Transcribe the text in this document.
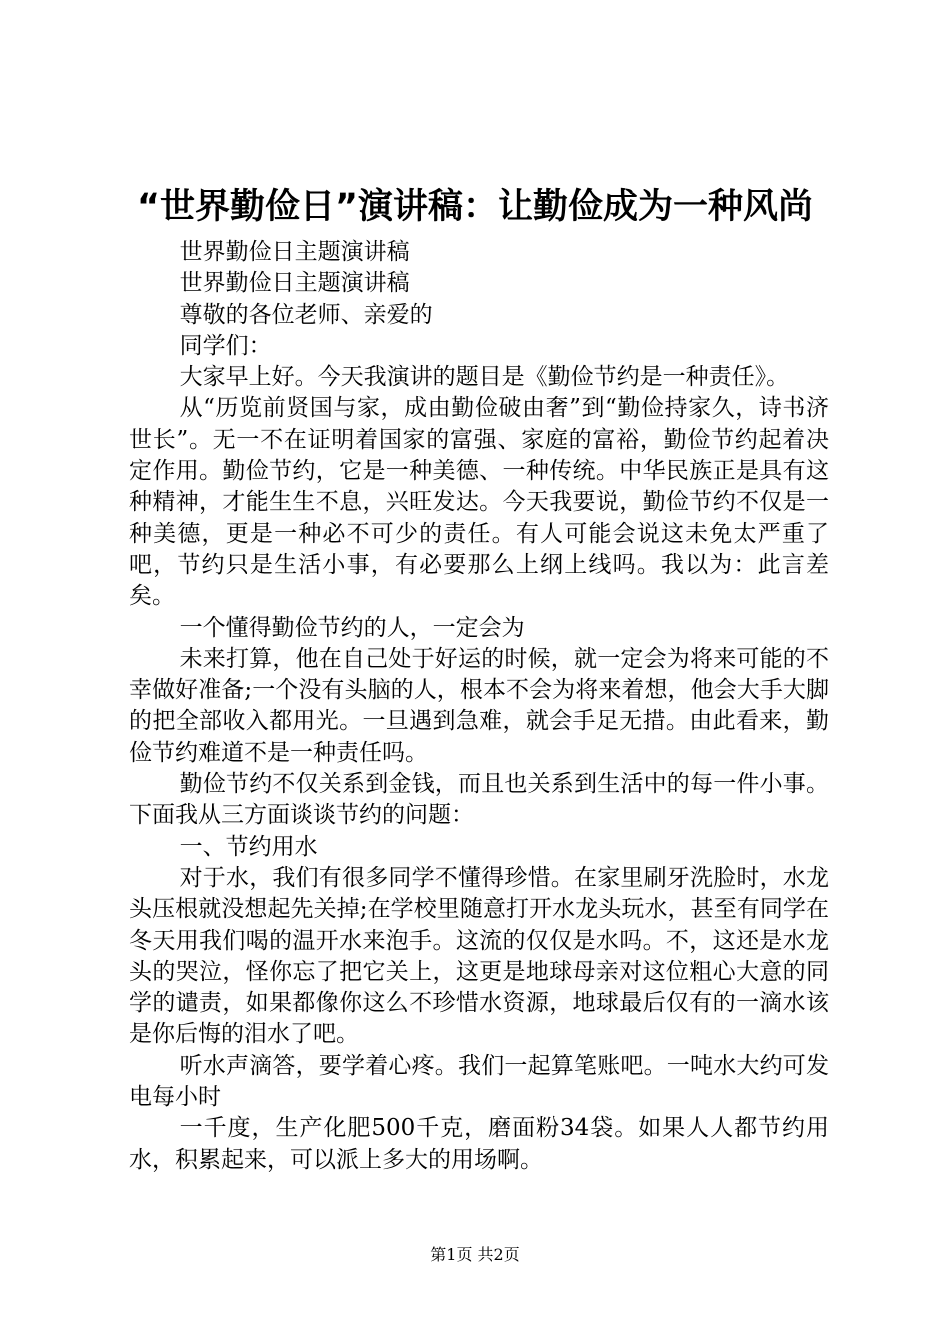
“世界勤俭日”演讲稿：让勤俭成为一种风尚

世界勤俭日主题演讲稿

世界勤俭日主题演讲稿

尊敬的各位老师、亲爱的

同学们：

大家早上好。今天我演讲的题目是《勤俭节约是一种责任》。

从“历览前贤国与家，成由勤俭破由奢”到“勤俭持家久，诗书济世长”。无一不在证明着国家的富强、家庭的富裕，勤俭节约起着决定作用。勤俭节约，它是一种美德、一种传统。中华民族正是具有这种精神，才能生生不息，兴旺发达。今天我要说，勤俭节约不仅是一种美德，更是一种必不可少的责任。有人可能会说这未免太严重了吧，节约只是生活小事，有必要那么上纲上线吗。我以为：此言差矣。

一个懂得勤俭节约的人，一定会为

未来打算，他在自己处于好运的时候，就一定会为将来可能的不幸做好准备;一个没有头脑的人，根本不会为将来着想，他会大手大脚的把全部收入都用光。一旦遇到急难，就会手足无措。由此看来，勤俭节约难道不是一种责任吗。

勤俭节约不仅关系到金钱，而且也关系到生活中的每一件小事。下面我从三方面谈谈节约的问题：

一、节约用水

对于水，我们有很多同学不懂得珍惜。在家里刷牙洗脸时，水龙头压根就没想起先关掉;在学校里随意打开水龙头玩水，甚至有同学在冬天用我们喝的温开水来泡手。这流的仅仅是水吗。不，这还是水龙头的哭泣，怪你忘了把它关上，这更是地球母亲对这位粗心大意的同学的谴责，如果都像你这么不珍惜水资源，地球最后仅有的一滴水该是你后悔的泪水了吧。

听水声滴答，要学着心疼。我们一起算笔账吧。一吨水大约可发电每小时

一千度，生产化肥500千克，磨面粉34袋。如果人人都节约用水，积累起来，可以派上多大的用场啊。

第1页 共2页
